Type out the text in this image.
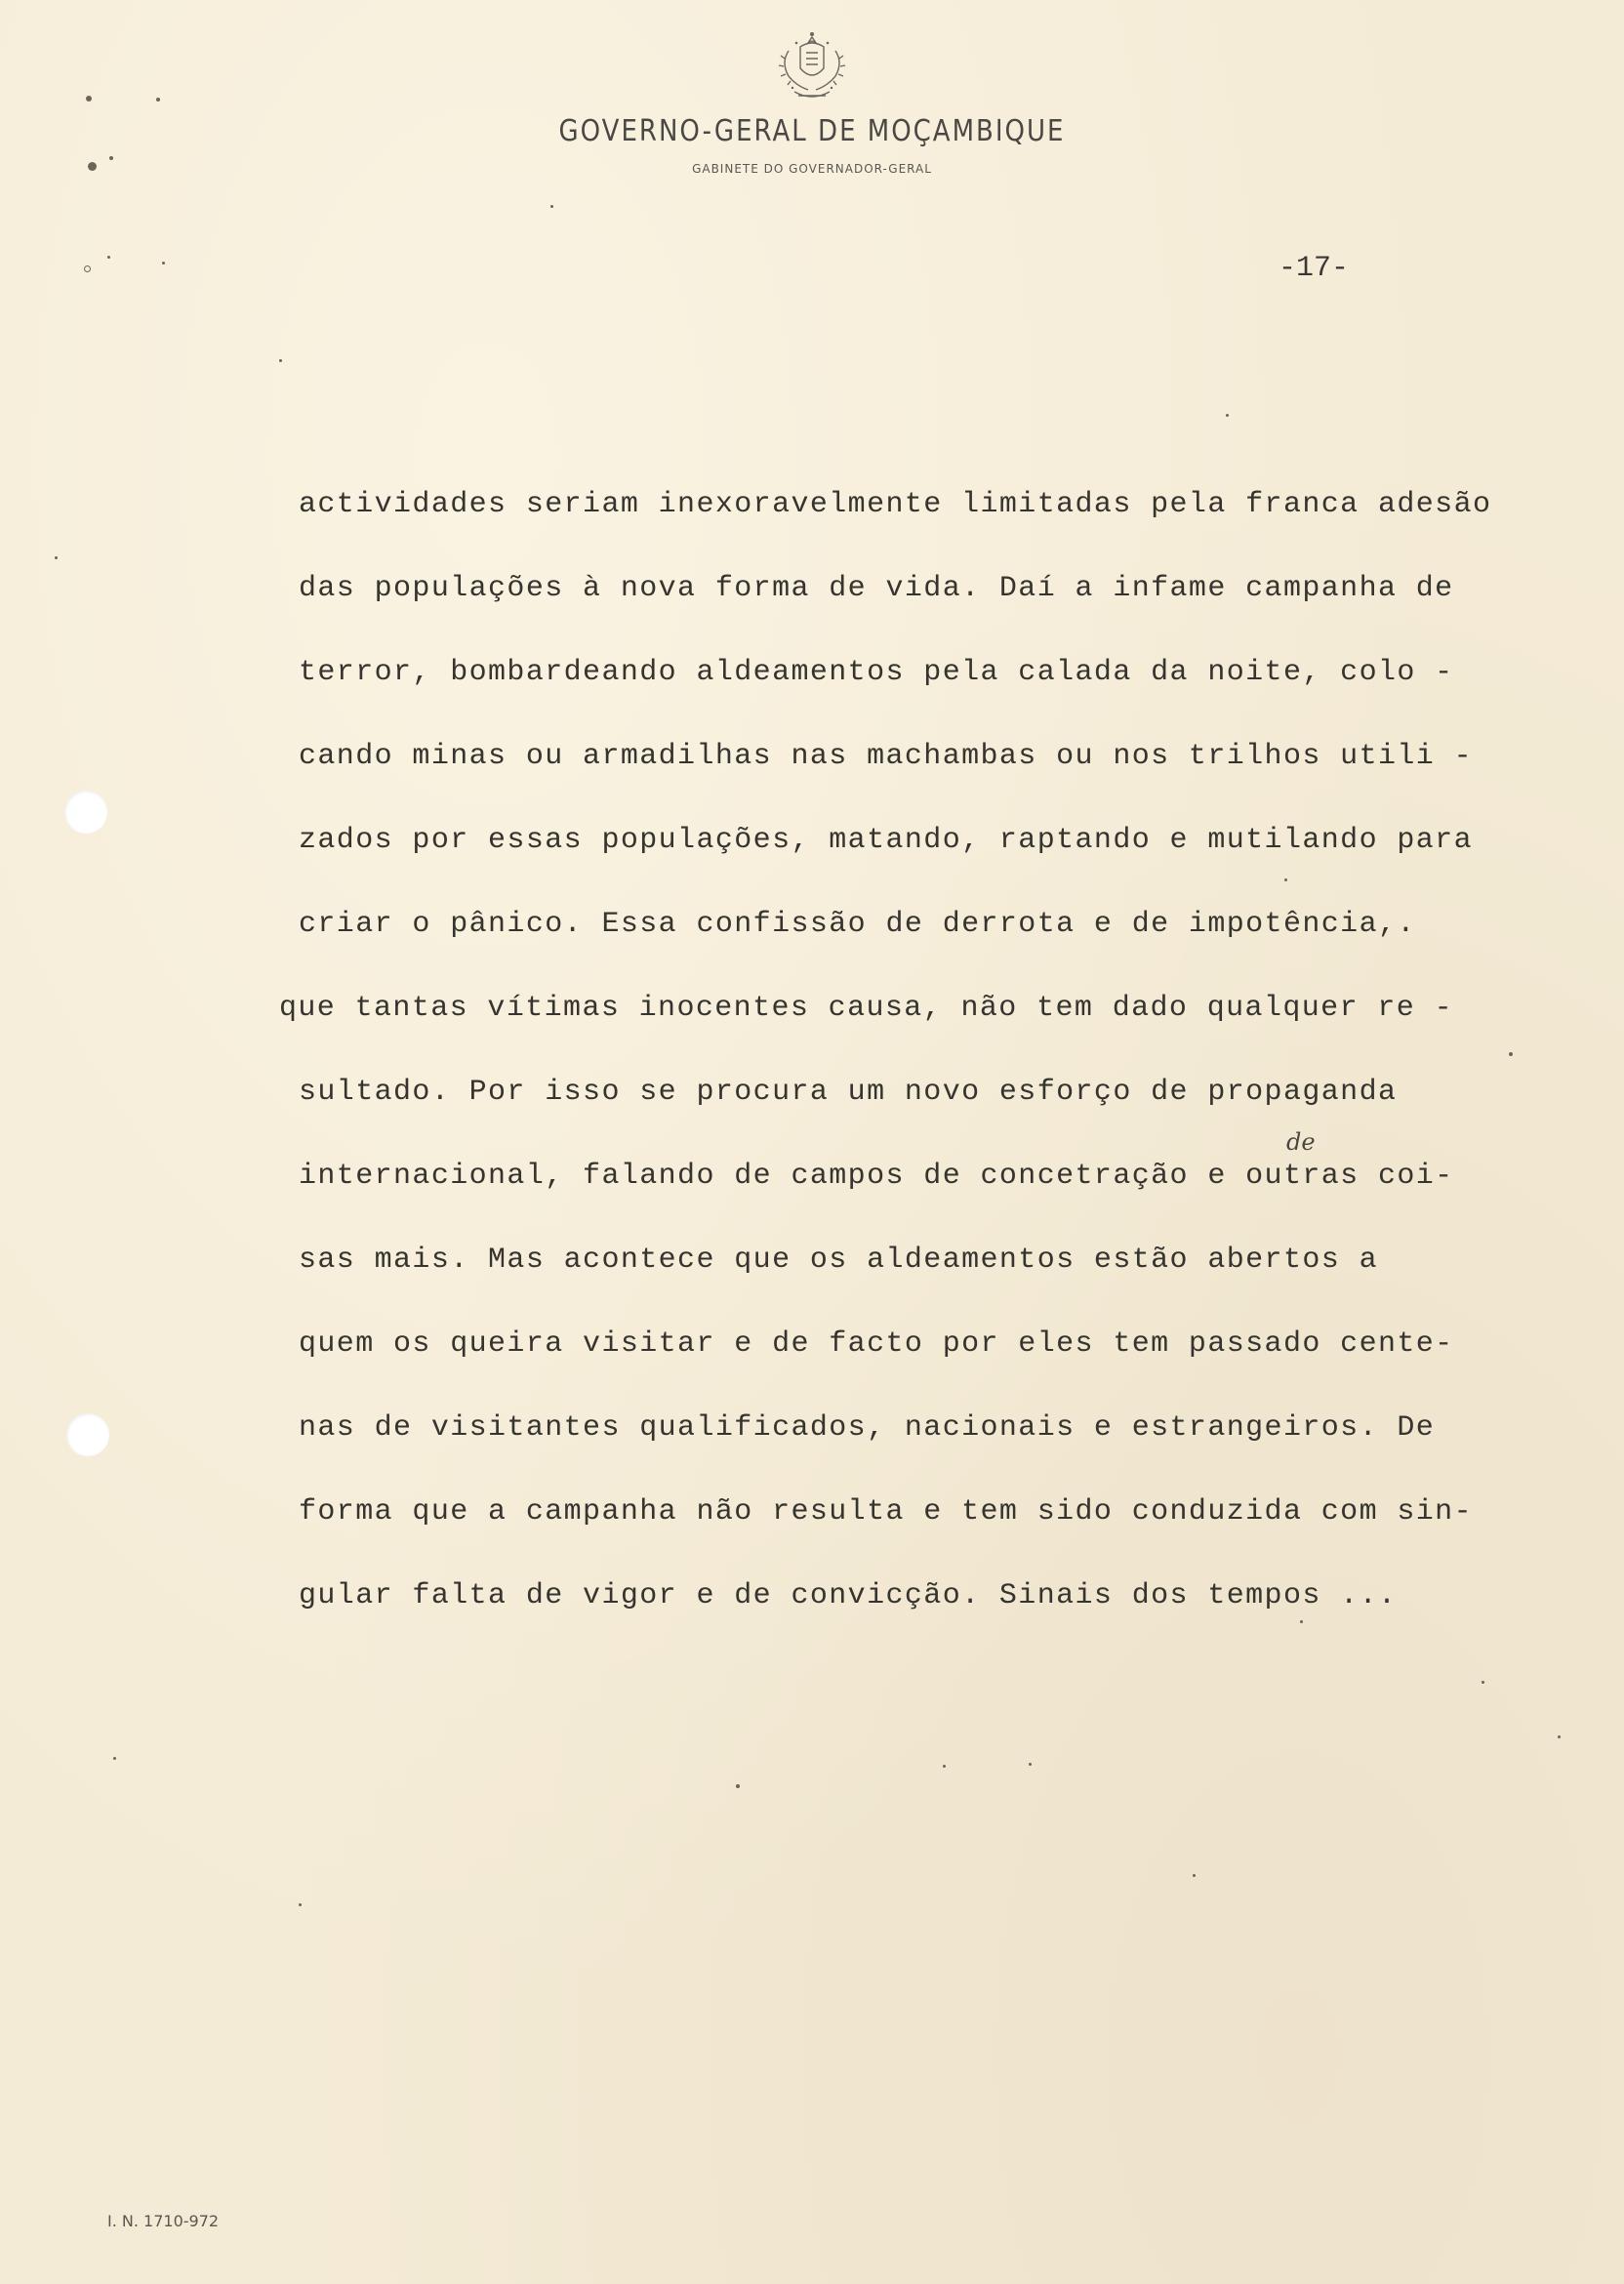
GOVERNO-GERAL DE MOÇAMBIQUE
GABINETE DO GOVERNADOR-GERAL
-17-
actividades seriam inexoravelmente limitadas pela franca adesão
das populações à nova forma de vida. Daí a infame campanha de
terror, bombardeando aldeamentos pela calada da noite, colo -
cando minas ou armadilhas nas machambas ou nos trilhos utili -
zados por essas populações, matando, raptando e mutilando para
criar o pânico. Essa confissão de derrota e de impotência,.
que tantas vítimas inocentes causa, não tem dado qualquer re -
sultado. Por isso se procura um novo esforço de propaganda
internacional, falando de campos de concetração e outras coi-
sas mais. Mas acontece que os aldeamentos estão abertos a
quem os queira visitar e de facto por eles tem passado cente-
nas de visitantes qualificados, nacionais e estrangeiros. De
forma que a campanha não resulta e tem sido conduzida com sin-
gular falta de vigor e de convicção. Sinais dos tempos ...
de
I. N. 1710-972
